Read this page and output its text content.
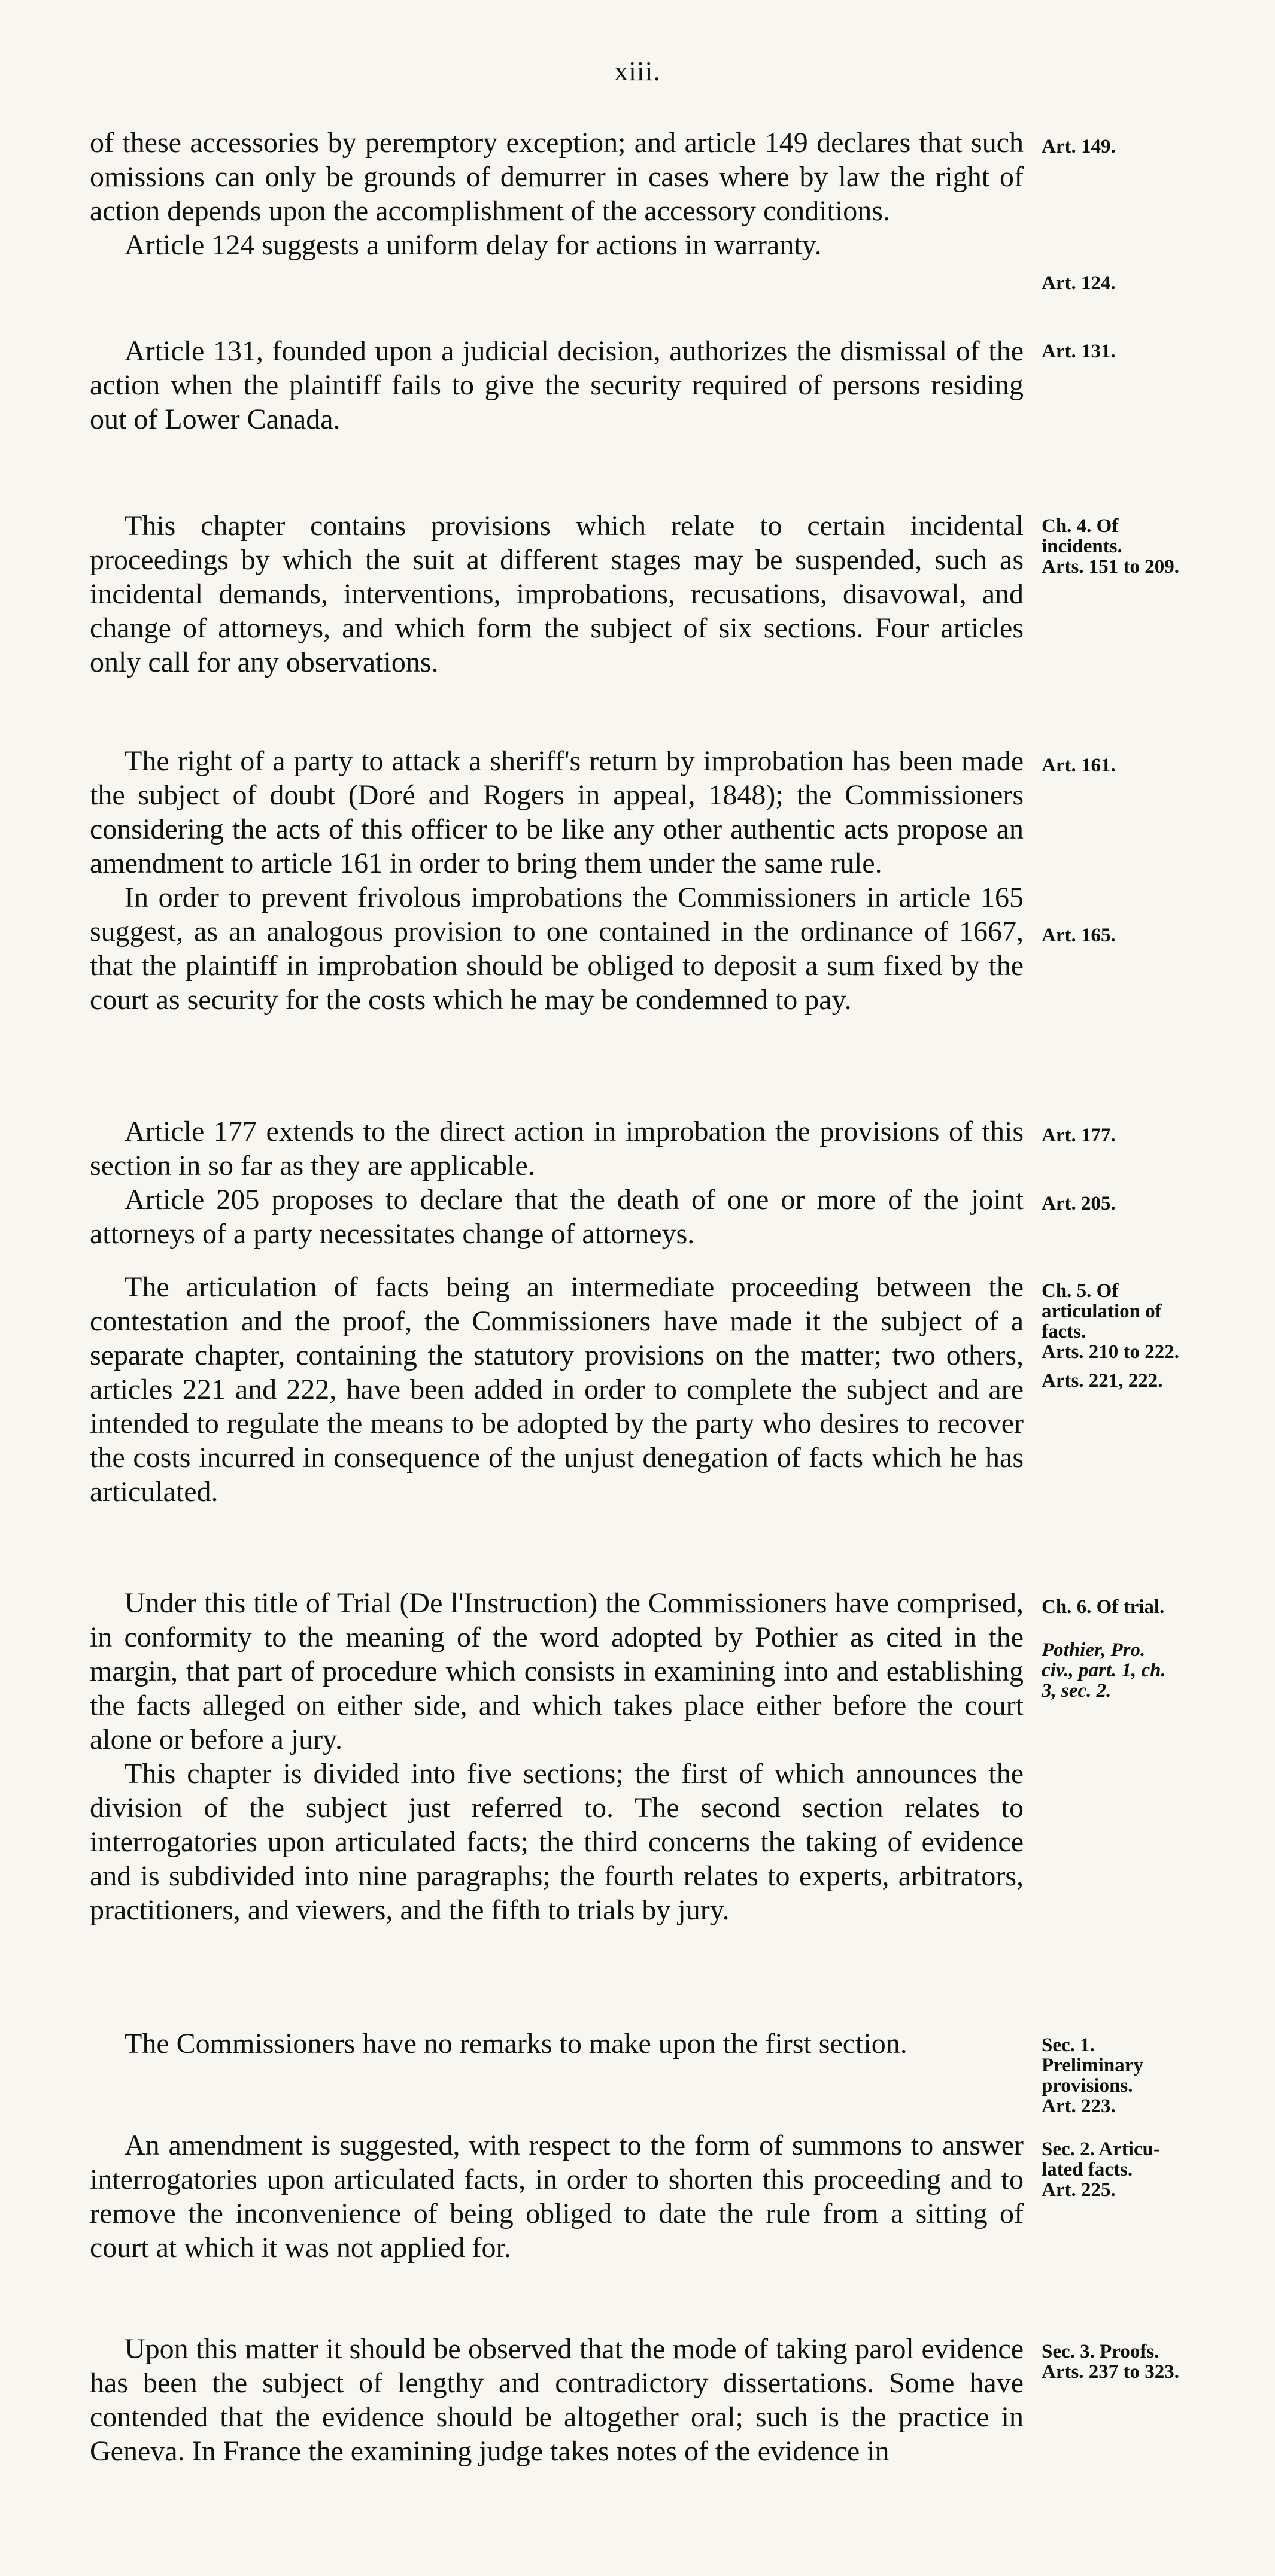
xiii.

of these accessories by peremptory exception; and article 149 declares that such omissions can only be grounds of demurrer in cases where by law the right of action depends upon the accomplishment of the accessory conditions.

Article 124 suggests a uniform delay for actions in warranty.

Article 131, founded upon a judicial decision, authorizes the dismissal of the action when the plaintiff fails to give the security required of persons residing out of Lower Canada.

This chapter contains provisions which relate to certain incidental proceedings by which the suit at different stages may be suspended, such as incidental demands, interventions, improbations, recusations, disavowal, and change of attorneys, and which form the subject of six sections. Four articles only call for any observations.

The right of a party to attack a sheriff's return by improbation has been made the subject of doubt (Doré and Rogers in appeal, 1848); the Commissioners considering the acts of this officer to be like any other authentic acts propose an amendment to article 161 in order to bring them under the same rule.

In order to prevent frivolous improbations the Commissioners in article 165 suggest, as an analogous provision to one contained in the ordinance of 1667, that the plaintiff in improbation should be obliged to deposit a sum fixed by the court as security for the costs which he may be condemned to pay.

Article 177 extends to the direct action in improbation the provisions of this section in so far as they are applicable.

Article 205 proposes to declare that the death of one or more of the joint attorneys of a party necessitates change of attorneys.

The articulation of facts being an intermediate proceeding between the contestation and the proof, the Commissioners have made it the subject of a separate chapter, containing the statutory provisions on the matter; two others, articles 221 and 222, have been added in order to complete the subject and are intended to regulate the means to be adopted by the party who desires to recover the costs incurred in consequence of the unjust denegation of facts which he has articulated.

Under this title of Trial (De l'Instruction) the Commissioners have comprised, in conformity to the meaning of the word adopted by Pothier as cited in the margin, that part of procedure which consists in examining into and establishing the facts alleged on either side, and which takes place either before the court alone or before a jury.

This chapter is divided into five sections; the first of which announces the division of the subject just referred to. The second section relates to interrogatories upon articulated facts; the third concerns the taking of evidence and is subdivided into nine paragraphs; the fourth relates to experts, arbitrators, practitioners, and viewers, and the fifth to trials by jury.

The Commissioners have no remarks to make upon the first section.

An amendment is suggested, with respect to the form of summons to answer interrogatories upon articulated facts, in order to shorten this proceeding and to remove the inconvenience of being obliged to date the rule from a sitting of court at which it was not applied for.

Upon this matter it should be observed that the mode of taking parol evidence has been the subject of lengthy and contradictory dissertations. Some have contended that the evidence should be altogether oral; such is the practice in Geneva. In France the examining judge takes notes of the evidence in

Art. 149.
Art. 124.
Art. 131.
Ch. 4. Of
incidents.
Arts. 151 to 209.
Art. 161.
Art. 165.
Art. 177.
Art. 205.
Ch. 5. Of
articulation of
facts.
Arts. 210 to 222.
Arts. 221, 222.
Ch. 6. Of trial.
Pothier, Pro.
civ., part. 1, ch.
3, sec. 2.
Sec. 1.
Preliminary
provisions.
Art. 223.
Sec. 2. Articu-
lated facts.
Art. 225.
Sec. 3. Proofs.
Arts. 237 to 323.
